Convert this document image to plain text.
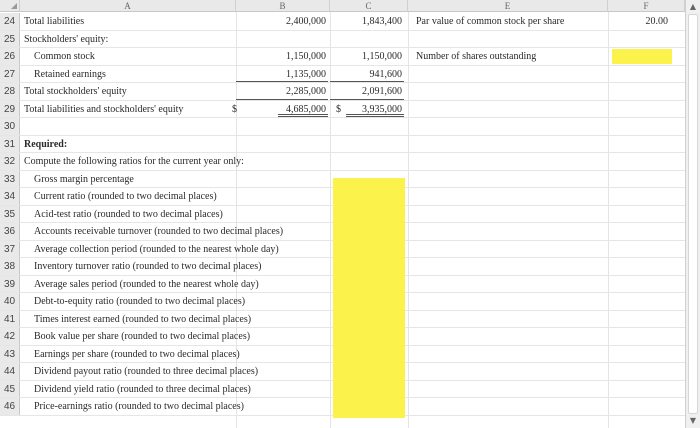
A	B	C	E	F
24 Total liabilities	2,400,000	1,843,400	Par value of common stock per share	20.00
25 Stockholders' equity:
26	Common stock	1,150,000	1,150,000	Number of shares outstanding
27	Retained earnings	1,135,000	941,600
28 Total stockholders' equity	2,285,000	2,091,600
29 Total liabilities and stockholders' equity	$	4,685,000 $	3,935,000
30
31 Required:
32 Compute the following ratios for the current year only:
33	Gross margin percentage
34	Current ratio (rounded to two decimal places)
35	Acid-test ratio (rounded to two decimal places)
36	Accounts receivable turnover (rounded to two decimal places)
37	Average collection period (rounded to the nearest whole day)
38	Inventory turnover ratio (rounded to two decimal places)
39	Average sales period (rounded to the nearest whole day)
40	Debt-to-equity ratio (rounded to two decimal places)
41	Times interest earned (rounded to two decimal places)
42	Book value per share (rounded to two decimal places)
43	Earnings per share (rounded to two decimal places)
44	Dividend payout ratio (rounded to three decimal places)
45	Dividend yield ratio (rounded to three decimal places)
46	Price-earnings ratio (rounded to two decimal places)
▲
▼
